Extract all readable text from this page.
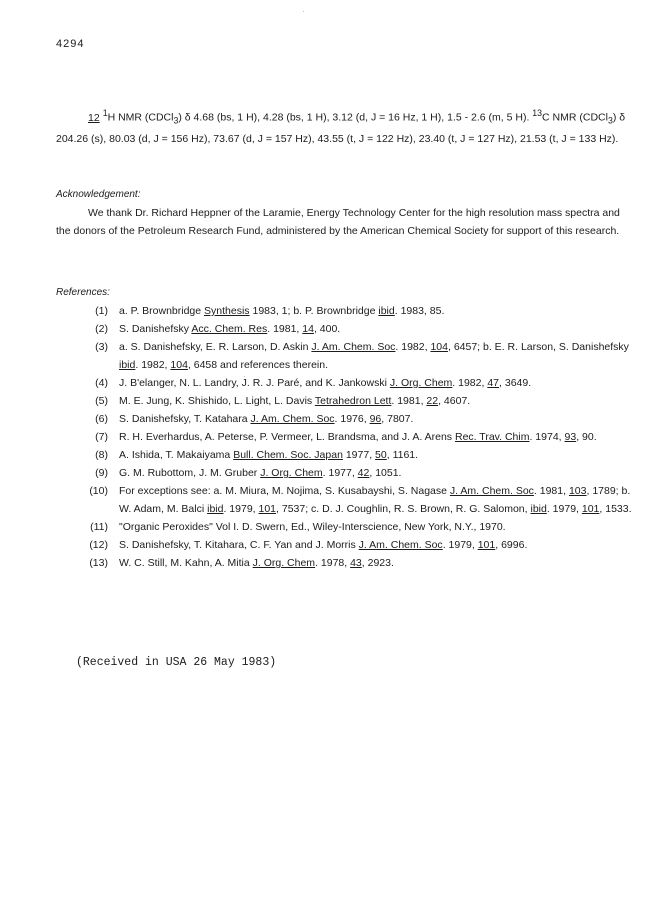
4294
12 $^1$H NMR (CDCl$_3$) δ 4.68 (bs, 1 H), 4.28 (bs, 1 H), 3.12 (d, J = 16 Hz, 1 H), 1.5 - 2.6 (m, 5 H). $^{13}$C NMR (CDCl$_3$) δ 204.26 (s), 80.03 (d, J = 156 Hz), 73.67 (d, J = 157 Hz), 43.55 (t, J = 122 Hz), 23.40 (t, J = 127 Hz), 21.53 (t, J = 133 Hz).
Acknowledgement:
We thank Dr. Richard Heppner of the Laramie, Energy Technology Center for the high resolution mass spectra and the donors of the Petroleum Research Fund, administered by the American Chemical Society for support of this research.
References:
(1) a. P. Brownbridge Synthesis 1983, 1; b. P. Brownbridge ibid. 1983, 85.
(2) S. Danishefsky Acc. Chem. Res. 1981, 14, 400.
(3) a. S. Danishefsky, E. R. Larson, D. Askin J. Am. Chem. Soc. 1982, 104, 6457; b. E. R. Larson, S. Danishefsky ibid. 1982, 104, 6458 and references therein.
(4) J. B'elanger, N. L. Landry, J. R. J. Paré, and K. Jankowski J. Org. Chem. 1982, 47, 3649.
(5) M. E. Jung, K. Shishido, L. Light, L. Davis Tetrahedron Lett. 1981, 22, 4607.
(6) S. Danishefsky, T. Katahara J. Am. Chem. Soc. 1976, 96, 7807.
(7) R. H. Everhardus, A. Peterse, P. Vermeer, L. Brandsma, and J. A. Arens Rec. Trav. Chim. 1974, 93, 90.
(8) A. Ishida, T. Makaiyama Bull. Chem. Soc. Japan 1977, 50, 1161.
(9) G. M. Rubottom, J. M. Gruber J. Org. Chem. 1977, 42, 1051.
(10) For exceptions see: a. M. Miura, M. Nojima, S. Kusabayshi, S. Nagase J. Am. Chem. Soc. 1981, 103, 1789; b. W. Adam, M. Balci ibid. 1979, 101, 7537; c. D. J. Coughlin, R. S. Brown, R. G. Salomon, ibid. 1979, 101, 1533.
(11) "Organic Peroxides" Vol I. D. Swern, Ed., Wiley-Interscience, New York, N.Y., 1970.
(12) S. Danishefsky, T. Kitahara, C. F. Yan and J. Morris J. Am. Chem. Soc. 1979, 101, 6996.
(13) W. C. Still, M. Kahn, A. Mitia J. Org. Chem. 1978, 43, 2923.
(Received in USA 26 May 1983)
